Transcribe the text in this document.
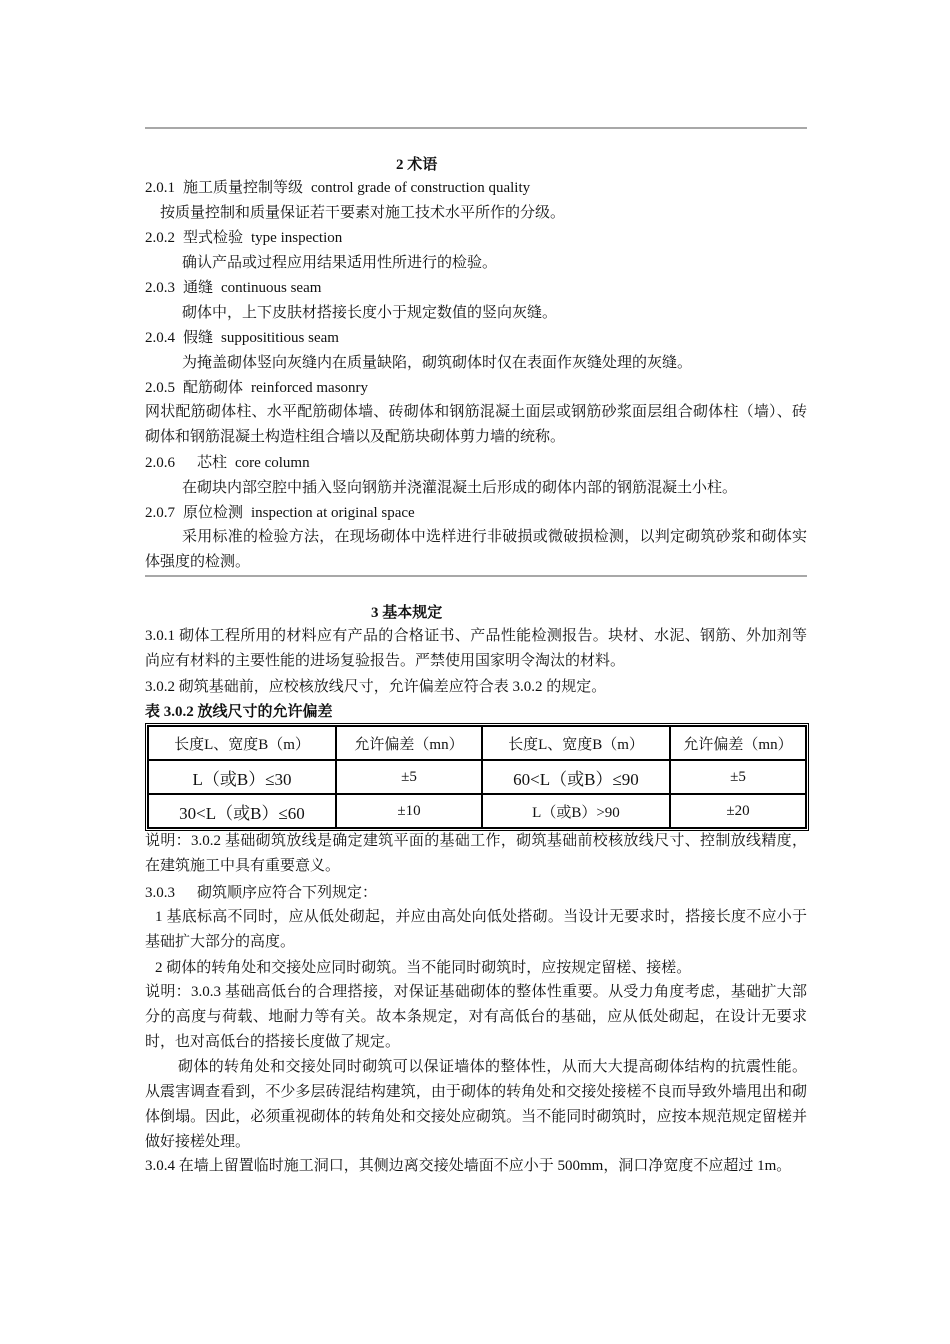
2 术语
2.0.1 施工质量控制等级 control grade of construction quality
按质量控制和质量保证若干要素对施工技术水平所作的分级。
2.0.2 型式检验 type inspection
确认产品或过程应用结果适用性所进行的检验。
2.0.3 通缝 continuous seam
砌体中，上下皮肤材搭接长度小于规定数值的竖向灰缝。
2.0.4 假缝 supposititious seam
为掩盖砌体竖向灰缝内在质量缺陷，砌筑砌体时仅在表面作灰缝处理的灰缝。
2.0.5 配筋砌体 reinforced masonry
网状配筋砌体柱、水平配筋砌体墙、砖砌体和钢筋混凝土面层或钢筋砂浆面层组合砌体柱（墙）、砖砌体和钢筋混凝土构造柱组合墙以及配筋块砌体剪力墙的统称。
2.0.6 芯柱 core column
在砌块内部空腔中插入竖向钢筋并浇灌混凝土后形成的砌体内部的钢筋混凝土小柱。
2.0.7 原位检测 inspection at original space
采用标准的检验方法，在现场砌体中选样进行非破损或微破损检测，以判定砌筑砂浆和砌体实体强度的检测。
3 基本规定
3.0.1 砌体工程所用的材料应有产品的合格证书、产品性能检测报告。块材、水泥、钢筋、外加剂等尚应有材料的主要性能的进场复验报告。严禁使用国家明令淘汰的材料。
3.0.2 砌筑基础前，应校核放线尺寸，允许偏差应符合表 3.0.2 的规定。
表 3.0.2 放线尺寸的允许偏差
长度L、宽度B（m）	允许偏差（mn）	长度L、宽度B（m）	允许偏差（mn）
L（或B）≤30	±5	60<L（或B）≤90	±5
30<L（或B）≤60	±10	L（或B）>90	±20
说明：3.0.2 基础砌筑放线是确定建筑平面的基础工作，砌筑基础前校核放线尺寸、控制放线精度，在建筑施工中具有重要意义。
3.0.3 砌筑顺序应符合下列规定：
1 基底标高不同时，应从低处砌起，并应由高处向低处搭砌。当设计无要求时，搭接长度不应小于基础扩大部分的高度。
2 砌体的转角处和交接处应同时砌筑。当不能同时砌筑时，应按规定留槎、接槎。
说明：3.0.3 基础高低台的合理搭接，对保证基础砌体的整体性重要。从受力角度考虑，基础扩大部分的高度与荷载、地耐力等有关。故本条规定，对有高低台的基础，应从低处砌起，在设计无要求时，也对高低台的搭接长度做了规定。
砌体的转角处和交接处同时砌筑可以保证墙体的整体性，从而大大提高砌体结构的抗震性能。从震害调查看到，不少多层砖混结构建筑，由于砌体的转角处和交接处接槎不良而导致外墙甩出和砌体倒塌。因此，必须重视砌体的转角处和交接处应砌筑。当不能同时砌筑时，应按本规范规定留槎并做好接槎处理。
3.0.4 在墙上留置临时施工洞口，其侧边离交接处墙面不应小于 500mm，洞口净宽度不应超过 1m。
